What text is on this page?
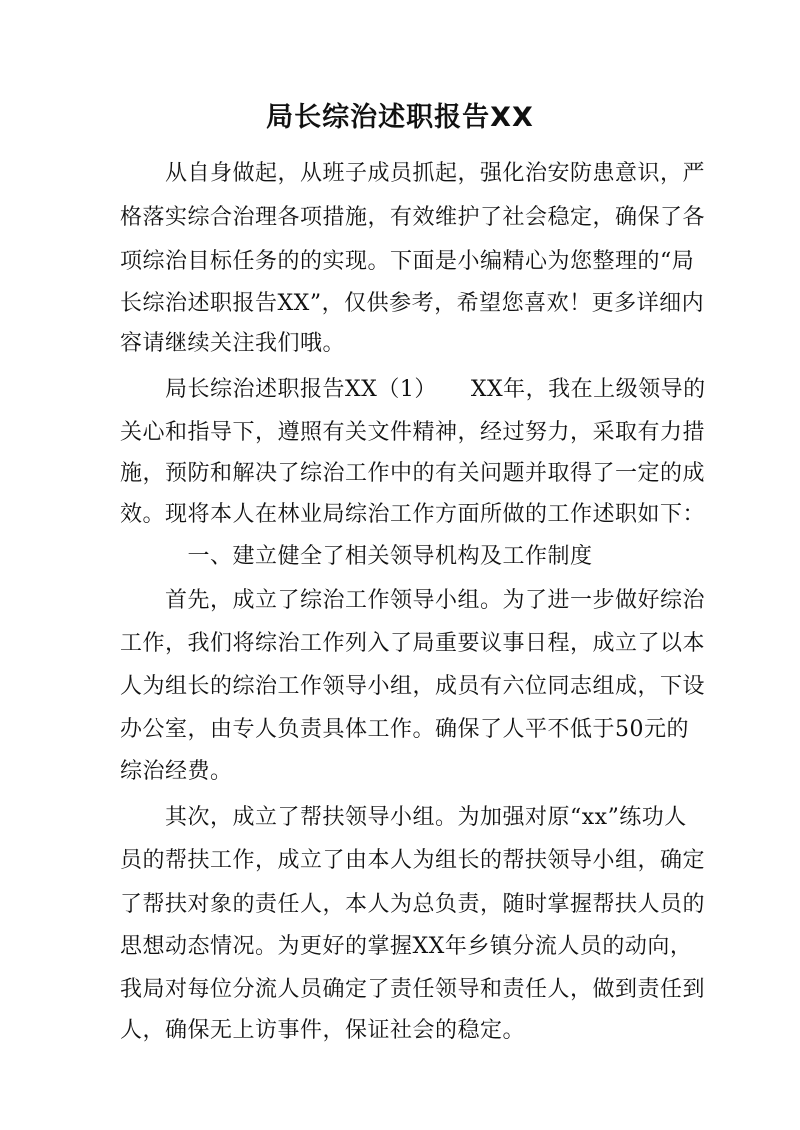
局长综治述职报告XX

　　从自身做起，从班子成员抓起，强化治安防患意识，严

格落实综合治理各项措施，有效维护了社会稳定，确保了各

项综治目标任务的的实现。下面是小编精心为您整理的“局

长综治述职报告XX”，仅供参考，希望您喜欢！更多详细内

容请继续关注我们哦。

　　局长综治述职报告XX（1）　　XX年，我在上级领导的

关心和指导下，遵照有关文件精神，经过努力，采取有力措

施，预防和解决了综治工作中的有关问题并取得了一定的成

效。现将本人在林业局综治工作方面所做的工作述职如下：

　　　一、建立健全了相关领导机构及工作制度

　　首先，成立了综治工作领导小组。为了进一步做好综治

工作，我们将综治工作列入了局重要议事日程，成立了以本

人为组长的综治工作领导小组，成员有六位同志组成，下设

办公室，由专人负责具体工作。确保了人平不低于50元的

综治经费。

　　其次，成立了帮扶领导小组。为加强对原“xx”练功人

员的帮扶工作，成立了由本人为组长的帮扶领导小组，确定

了帮扶对象的责任人，本人为总负责，随时掌握帮扶人员的

思想动态情况。为更好的掌握XX年乡镇分流人员的动向，

我局对每位分流人员确定了责任领导和责任人，做到责任到

人，确保无上访事件，保证社会的稳定。
